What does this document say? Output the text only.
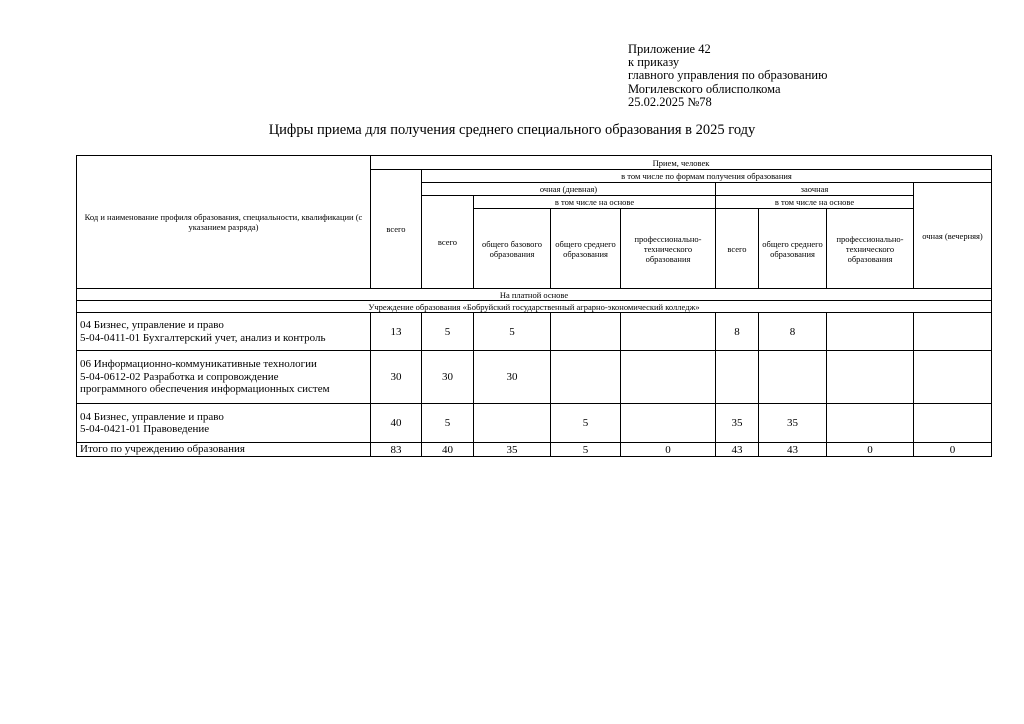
Приложение 42
к приказу
главного управления по образованию
Могилевского облисполкома
25.02.2025 №78
Цифры приема для получения среднего специального образования в 2025 году
Код и наименование профиля образования, специальности, квалификации (с указанием разряда)	Прием, человек								
	всего	в том числе по формам получения образования							
		очная (дневная)				заочная			очная (вечерняя)
		всего	в том числе на основе			в том числе на основе			
			общего базового образования	общего среднего образования	профессионально-технического образования	всего	общего среднего образования	профессионально-технического образования	
На платной основе									
Учреждение образования «Бобруйский государственный аграрно-экономический колледж»									

04 Бизнес, управление и право
5-04-0411-01 Бухгалтерский учет, анализ и контроль	13	5	5			8	8		

06 Информационно-коммуникативные технологии
5-04-0612-02 Разработка и сопровождение
программного обеспечения информационных систем	30	30	30						

04 Бизнес, управление и право
5-04-0421-01 Правоведение	40	5		5		35	35		
Итого по учреждению образования	83	40	35	5	0	43	43	0	0
